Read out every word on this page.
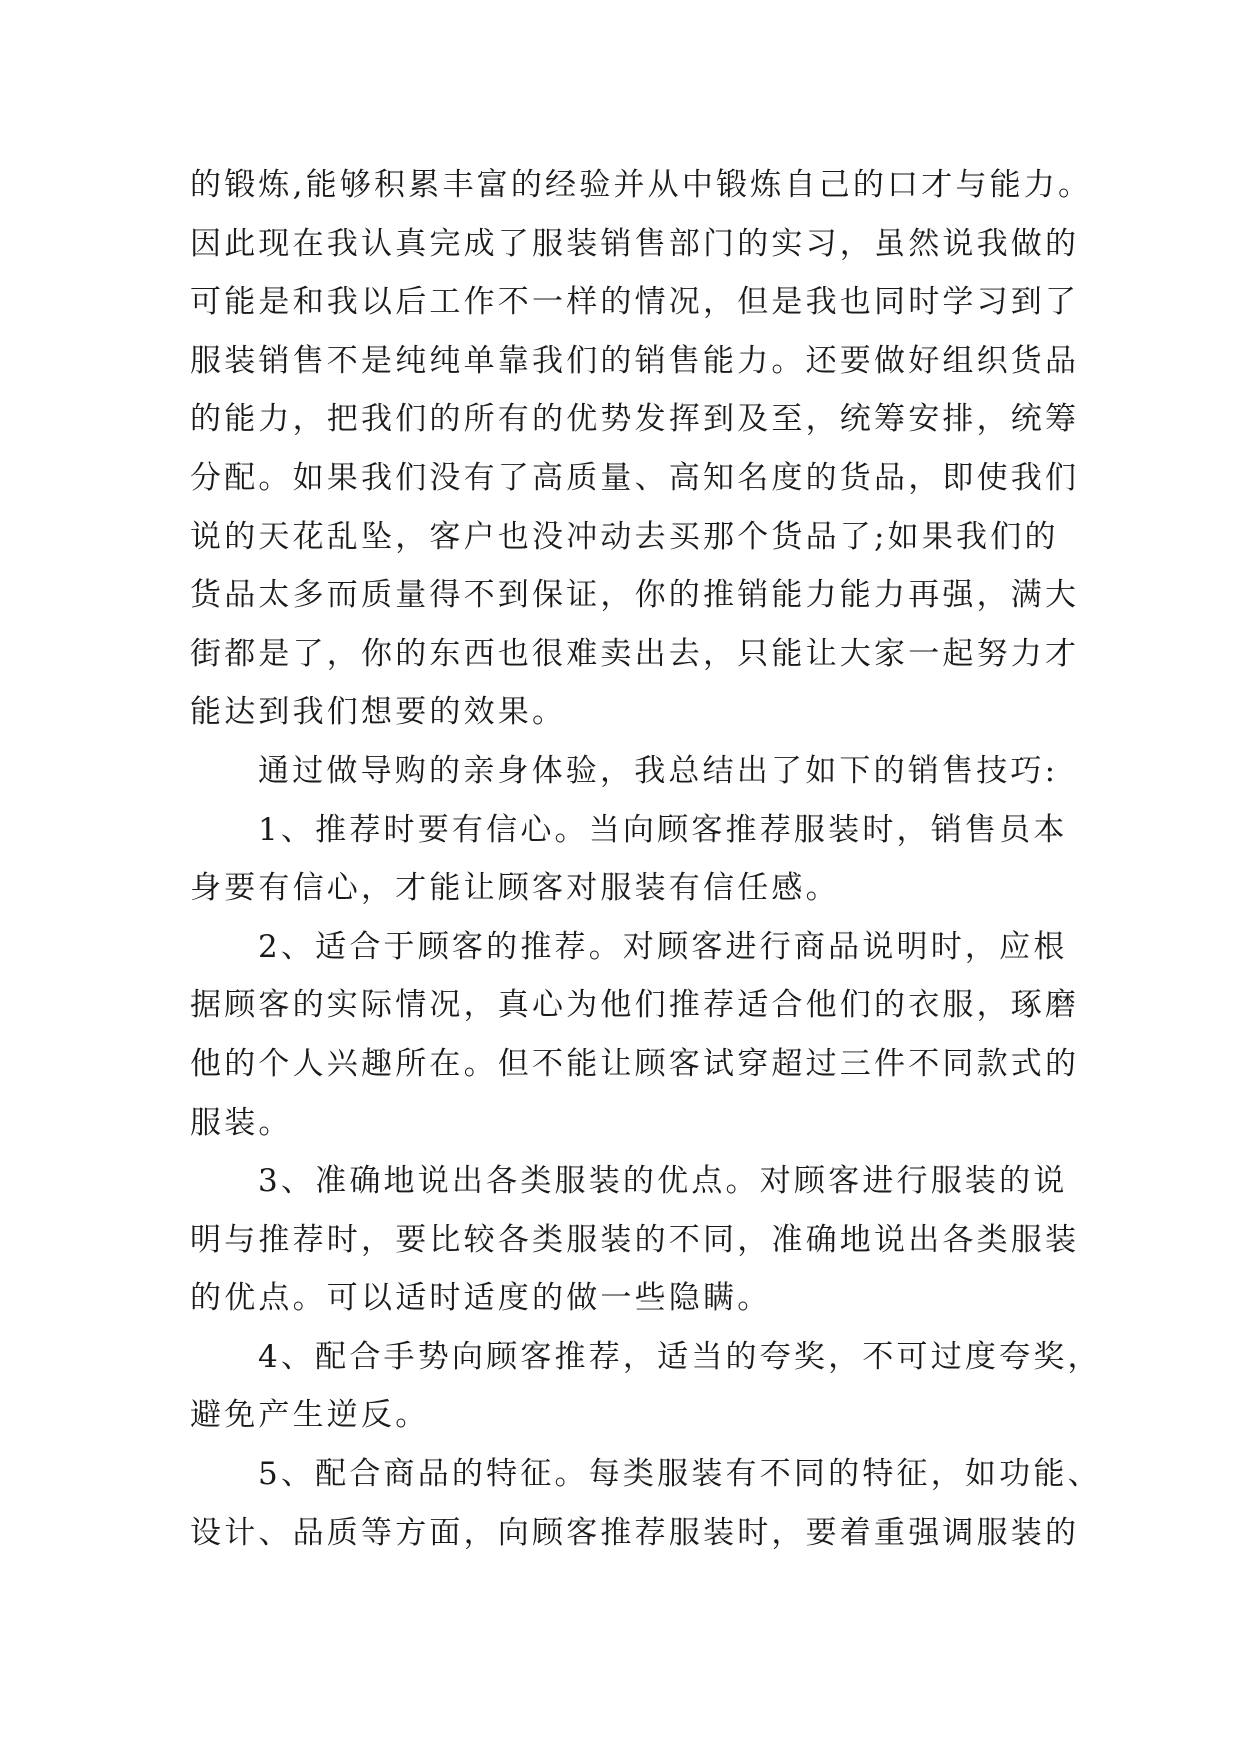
的锻炼,能够积累丰富的经验并从中锻炼自己的口才与能力。
因此现在我认真完成了服装销售部门的实习，虽然说我做的
可能是和我以后工作不一样的情况，但是我也同时学习到了
服装销售不是纯纯单靠我们的销售能力。还要做好组织货品
的能力，把我们的所有的优势发挥到及至，统筹安排，统筹
分配。如果我们没有了高质量、高知名度的货品，即使我们
说的天花乱坠，客户也没冲动去买那个货品了;如果我们的
货品太多而质量得不到保证，你的推销能力能力再强，满大
街都是了，你的东西也很难卖出去，只能让大家一起努力才
能达到我们想要的效果。
通过做导购的亲身体验，我总结出了如下的销售技巧:
1、推荐时要有信心。当向顾客推荐服装时，销售员本
身要有信心，才能让顾客对服装有信任感。
2、适合于顾客的推荐。对顾客进行商品说明时，应根
据顾客的实际情况，真心为他们推荐适合他们的衣服，琢磨
他的个人兴趣所在。但不能让顾客试穿超过三件不同款式的
服装。
3、准确地说出各类服装的优点。对顾客进行服装的说
明与推荐时，要比较各类服装的不同，准确地说出各类服装
的优点。可以适时适度的做一些隐瞒。
4、配合手势向顾客推荐，适当的夸奖，不可过度夸奖，
避免产生逆反。
5、配合商品的特征。每类服装有不同的特征，如功能、
设计、品质等方面，向顾客推荐服装时，要着重强调服装的
